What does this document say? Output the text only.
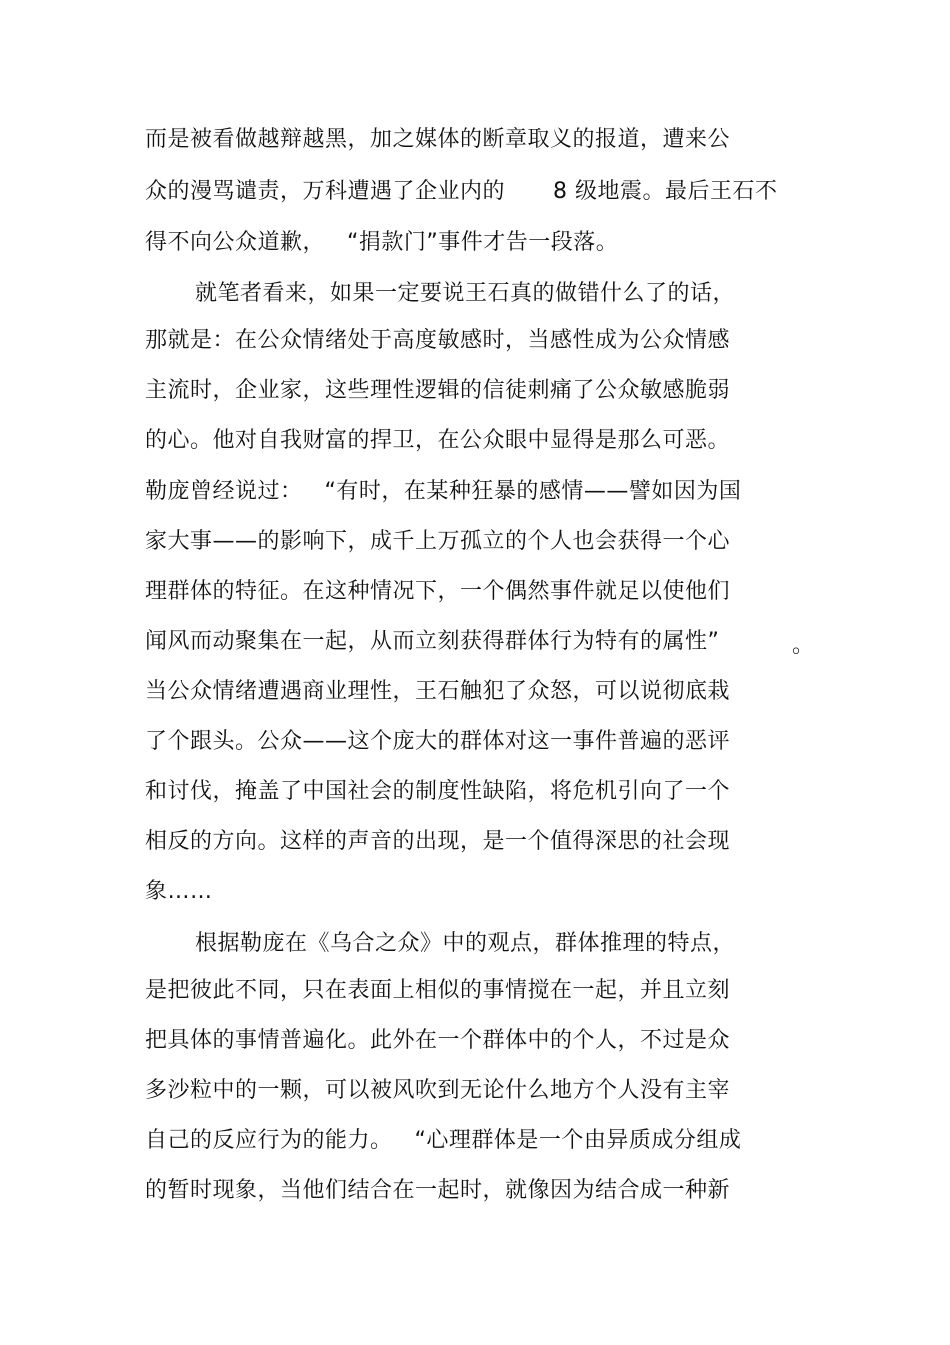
而是被看做越辩越黑，加之媒体的断章取义的报道，遭来公
众的漫骂谴责，万科遭遇了企业内的 8 级地震。最后王石不
得不向公众道歉， “捐款门”事件才告一段落。
就笔者看来，如果一定要说王石真的做错什么了的话，
那就是：在公众情绪处于高度敏感时，当感性成为公众情感
主流时，企业家，这些理性逻辑的信徒刺痛了公众敏感脆弱
的心。他对自我财富的捍卫，在公众眼中显得是那么可恶。
勒庞曾经说过： “有时，在某种狂暴的感情——譬如因为国
家大事——的影响下，成千上万孤立的个人也会获得一个心
理群体的特征。在这种情况下，一个偶然事件就足以使他们
闻风而动聚集在一起，从而立刻获得群体行为特有的属性”	。
当公众情绪遭遇商业理性，王石触犯了众怒，可以说彻底栽
了个跟头。公众——这个庞大的群体对这一事件普遍的恶评
和讨伐，掩盖了中国社会的制度性缺陷，将危机引向了一个
相反的方向。这样的声音的出现，是一个值得深思的社会现
象……
根据勒庞在《乌合之众》中的观点，群体推理的特点，
是把彼此不同，只在表面上相似的事情搅在一起，并且立刻
把具体的事情普遍化。此外在一个群体中的个人，不过是众
多沙粒中的一颗，可以被风吹到无论什么地方个人没有主宰
自己的反应行为的能力。 “心理群体是一个由异质成分组成
的暂时现象，当他们结合在一起时，就像因为结合成一种新
